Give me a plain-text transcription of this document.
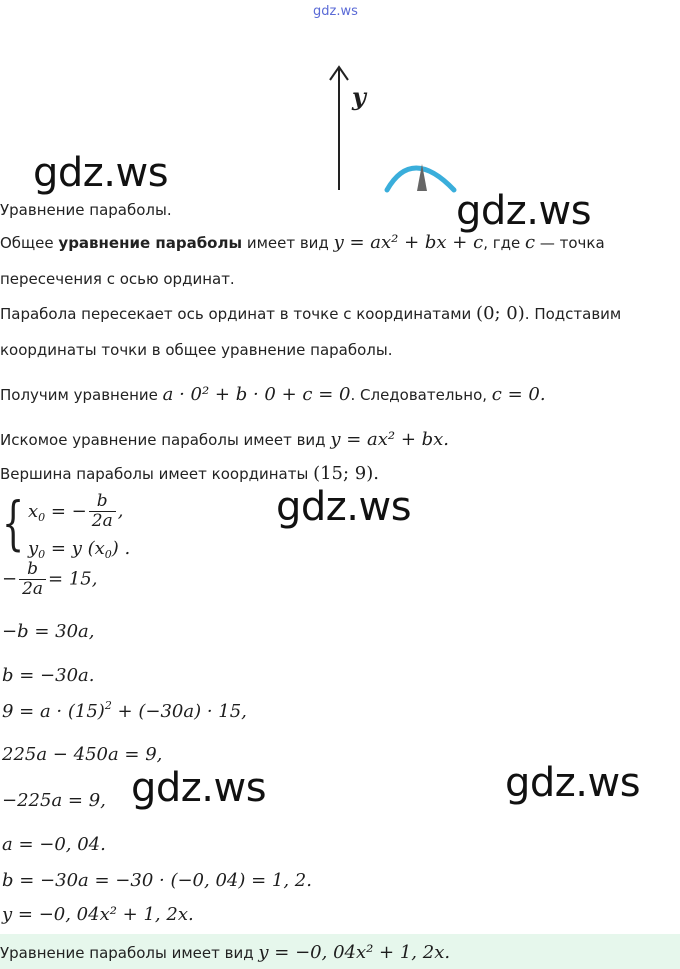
gdz.ws
y
gdz.ws
gdz.ws
gdz.ws
gdz.ws	gdz.ws
Уравнение параболы.
Общее уравнение параболы имеет вид y = ax² + bx + c, где c — точка
пересечения с осью ординат.
Парабола пересекает ось ординат в точке с координатами (0; 0). Подставим
координаты точки в общее уравнение параболы.
Получим уравнение a · 0² + b · 0 + c = 0. Следовательно, c = 0.
Искомое уравнение параболы имеет вид y = ax² + bx.
Вершина параболы имеет координаты (15; 9).
{ $x_0$ = − $\frac{b}{2a}$ ,
$y_0 = y$ $(x_0)$ .
− $\frac{b}{2a} = 15$,
−b = 30a,
b = −30a.
$9 = a \cdot (15)^2 + (-30a) \cdot 15$,
225a − 450a = 9,
−225a = 9,
a = −0, 04.
b = −30a = −30 · (−0, 04) = 1, 2.
y = −0, 04x² + 1, 2x.
Уравнение параболы имеет вид y = −0, 04x² + 1, 2x.
